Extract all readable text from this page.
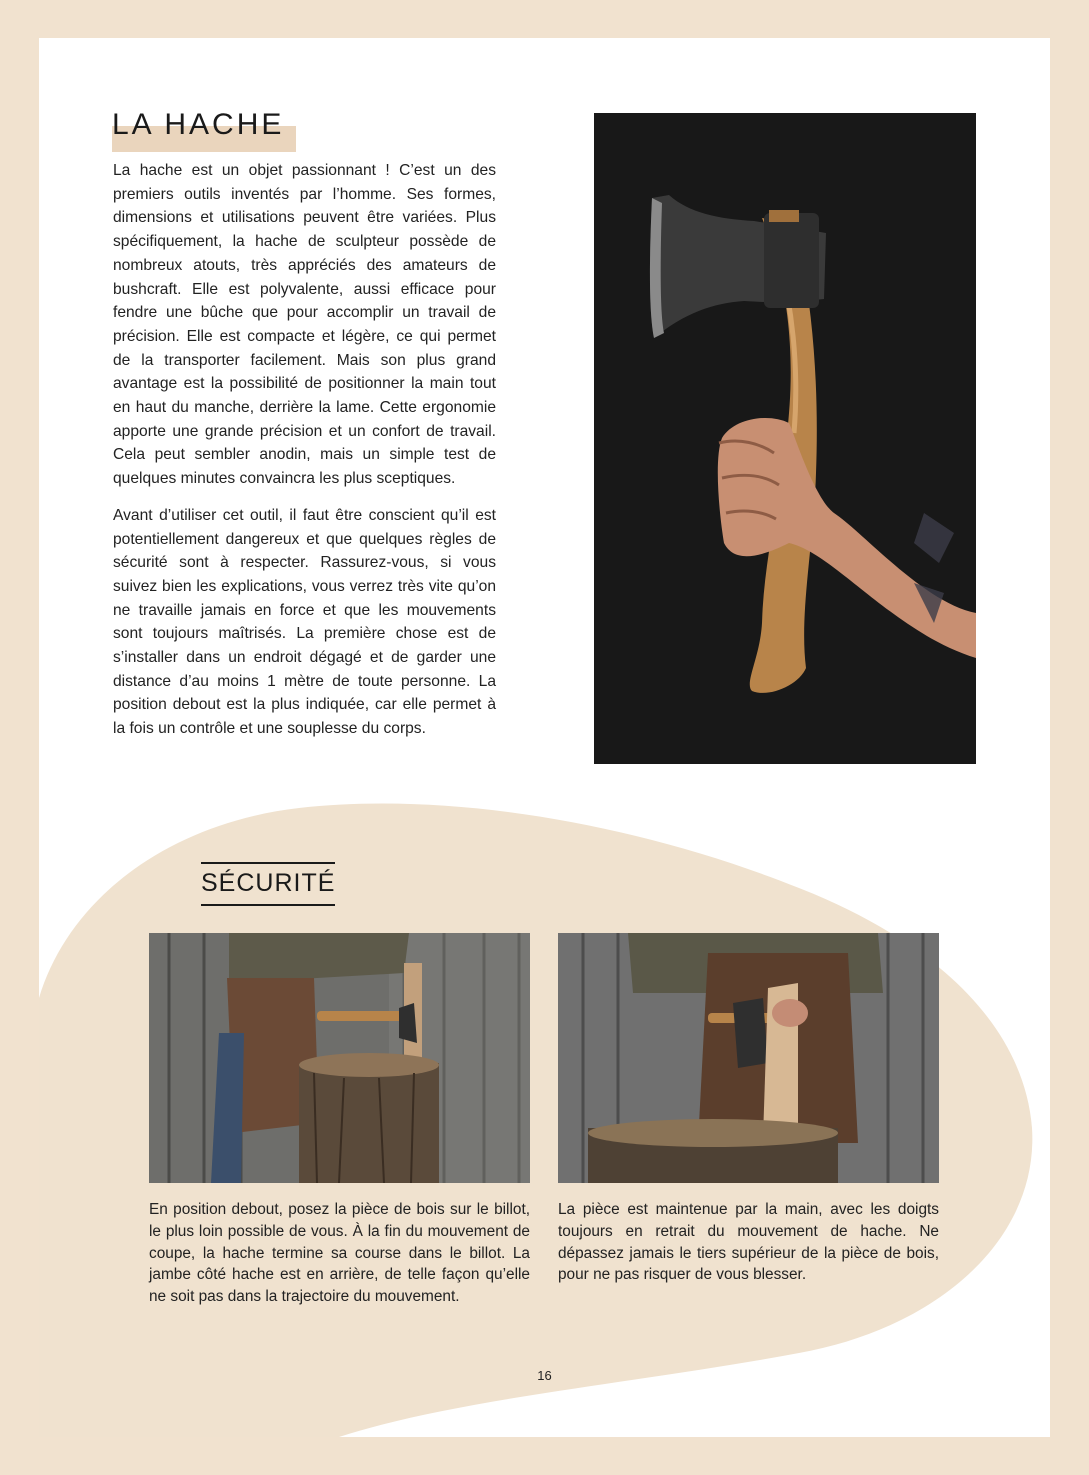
LA HACHE

La hache est un objet passionnant ! C’est un des premiers outils inventés par l’homme. Ses formes, dimensions et utilisations peuvent être variées. Plus spécifiquement, la hache de sculpteur possède de nombreux atouts, très appréciés des amateurs de bushcraft. Elle est polyvalente, aussi efficace pour fendre une bûche que pour accomplir un travail de précision. Elle est compacte et légère, ce qui permet de la transporter facilement. Mais son plus grand avantage est la possibilité de positionner la main tout en haut du manche, derrière la lame. Cette ergonomie apporte une grande précision et un confort de travail. Cela peut sembler anodin, mais un simple test de quelques minutes convaincra les plus sceptiques.

Avant d’utiliser cet outil, il faut être conscient qu’il est potentiellement dangereux et que quelques règles de sécurité sont à respecter. Rassurez-vous, si vous suivez bien les explications, vous verrez très vite qu’on ne travaille jamais en force et que les mouvements sont toujours maîtrisés. La première chose est de s’installer dans un endroit dégagé et de garder une distance d’au moins 1 mètre de toute personne. La position debout est la plus indiquée, car elle permet à la fois un contrôle et une souplesse du corps.

SÉCURITÉ

En position debout, posez la pièce de bois sur le billot, le plus loin possible de vous. À la fin du mouvement de coupe, la hache termine sa course dans le billot. La jambe côté hache est en arrière, de telle façon qu’elle ne soit pas dans la trajectoire du mouvement.

La pièce est maintenue par la main, avec les doigts toujours en retrait du mouvement de hache. Ne dépassez jamais le tiers supérieur de la pièce de bois, pour ne pas risquer de vous blesser.

16
